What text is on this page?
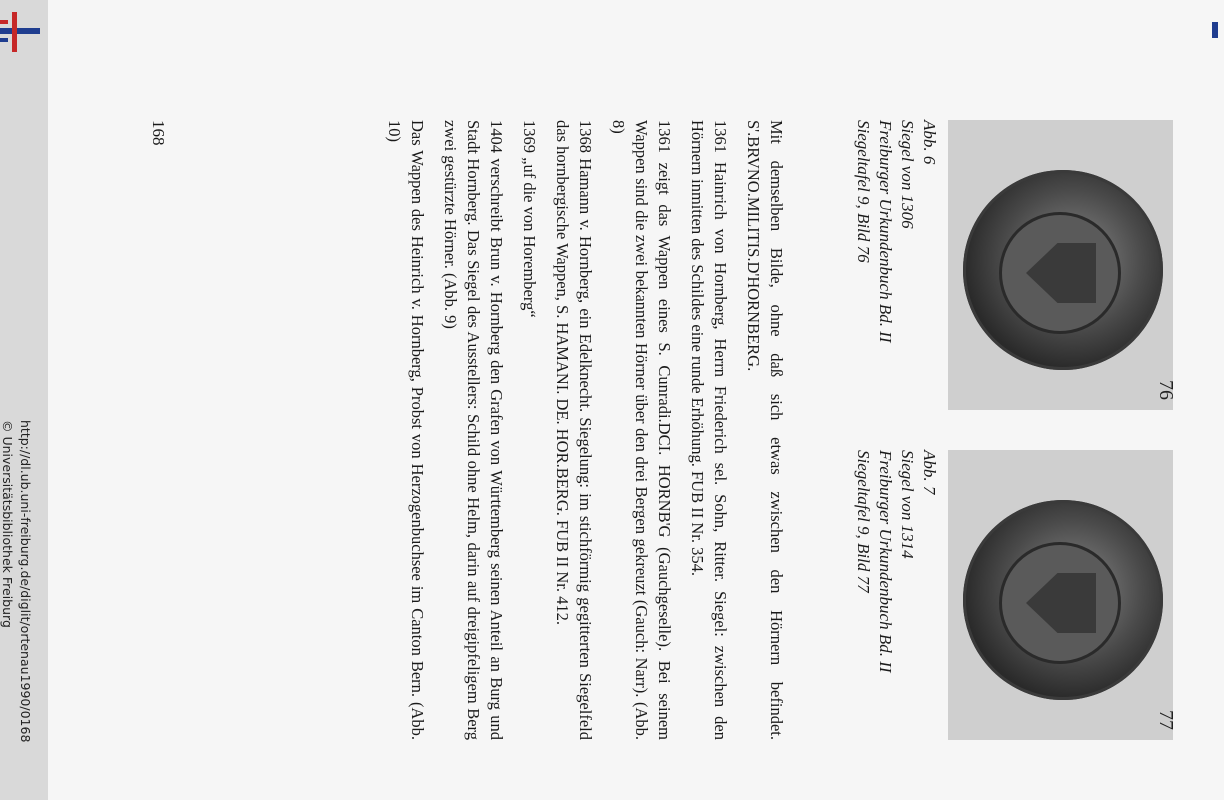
http://dl.ub.uni-freiburg.de/diglit/ortenau1990/0168
© Universitätsbibliothek Freiburg
76
Abb. 6
Siegel von 1306
Freiburger Urkundenbuch Bd. II
Siegeltafel 9, Bild 76
77
Abb. 7
Siegel von 1314
Freiburger Urkundenbuch Bd. II
Siegeltafel 9, Bild 77

Mit demselben Bilde, ohne daß sich etwas zwischen den Hörnern befindet. S'.BRVNO.MILITIS.D'HORNBERG.

1361 Hainrich von Hornberg, Herrn Friederich sel. Sohn, Ritter. Siegel: zwischen den Hörnern inmitten des Schildes eine runde Erhöhung. FUB II Nr. 354.

1361 zeigt das Wappen eines S. Cunradi.DCI. HORNB'G (Gauchgeselle). Bei seinem Wappen sind die zwei bekannten Hörner über den drei Bergen gekreuzt (Gauch: Narr). (Abb. 8)

1368 Hamann v. Hornberg, ein Edelknecht. Siegelung: im stichförmig gegitterten Siegelfeld das hornbergische Wappen, S. HAMANI. DE. HOR.BERG. FUB II Nr. 412.

1369 „uf die von Horemberg“

1404 verschreibt Brun v. Hornberg den Grafen von Württemberg seinen Anteil an Burg und Stadt Hornberg. Das Siegel des Ausstellers: Schild ohne Helm, darin auf dreigipfeligem Berg zwei gestürzte Hörner. (Abb. 9)

Das Wappen des Heinrich v. Hornberg, Probst von Herzogenbuchsee im Canton Bern. (Abb. 10)

168
